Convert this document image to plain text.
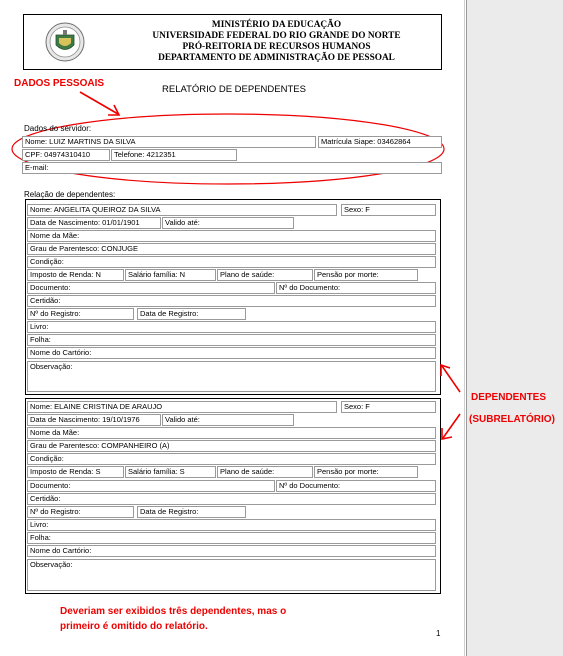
MINISTÉRIO DA EDUCAÇÃO
UNIVERSIDADE FEDERAL DO RIO GRANDE DO NORTE
PRÓ-REITORIA DE RECURSOS HUMANOS
DEPARTAMENTO DE ADMINISTRAÇÃO DE PESSOAL
DADOS PESSOAIS
RELATÓRIO DE DEPENDENTES
Dados do servidor:
Nome: LUIZ MARTINS DA SILVA	Matrícula Siape: 03462864
CPF: 04974310410	Telefone: 4212351
E-mail:
Relação de dependentes:
Nome: ANGELITA QUEIROZ DA SILVA	Sexo: F
Data de Nascimento: 01/01/1901	Valido até:
Nome da Mãe:
Grau de Parentesco: CONJUGE
Condição:
Imposto de Renda: N	Salário família: N	Plano de saúde:	Pensão por morte:
Documento:	Nº do Documento:
Certidão:
Nº do Registro:	Data de Registro:
Livro:
Folha:
Nome do Cartório:
Observação:
Nome: ELAINE CRISTINA DE ARAUJO	Sexo: F
Data de Nascimento: 19/10/1976	Valido até:
Nome da Mãe:
Grau de Parentesco: COMPANHEIRO (A)
Condição:
Imposto de Renda: S	Salário família: S	Plano de saúde:	Pensão por morte:
Documento:	Nº do Documento:
Certidão:
Nº do Registro:	Data de Registro:
Livro:
Folha:
Nome do Cartório:
Observação:
DEPENDENTES
(SUBRELATÓRIO)
Deveriam ser exibidos três dependentes, mas o
primeiro é omitido do relatório.
1
